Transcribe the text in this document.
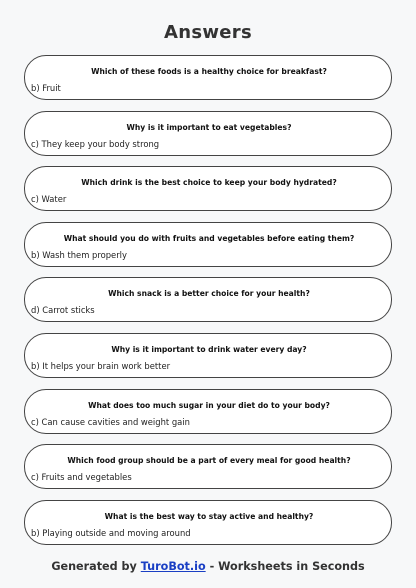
Answers
Which of these foods is a healthy choice for breakfast?
b) Fruit
Why is it important to eat vegetables?
c) They keep your body strong
Which drink is the best choice to keep your body hydrated?
c) Water
What should you do with fruits and vegetables before eating them?
b) Wash them properly
Which snack is a better choice for your health?
d) Carrot sticks
Why is it important to drink water every day?
b) It helps your brain work better
What does too much sugar in your diet do to your body?
c) Can cause cavities and weight gain
Which food group should be a part of every meal for good health?
c) Fruits and vegetables
What is the best way to stay active and healthy?
b) Playing outside and moving around
Generated by TuroBot.io - Worksheets in Seconds
